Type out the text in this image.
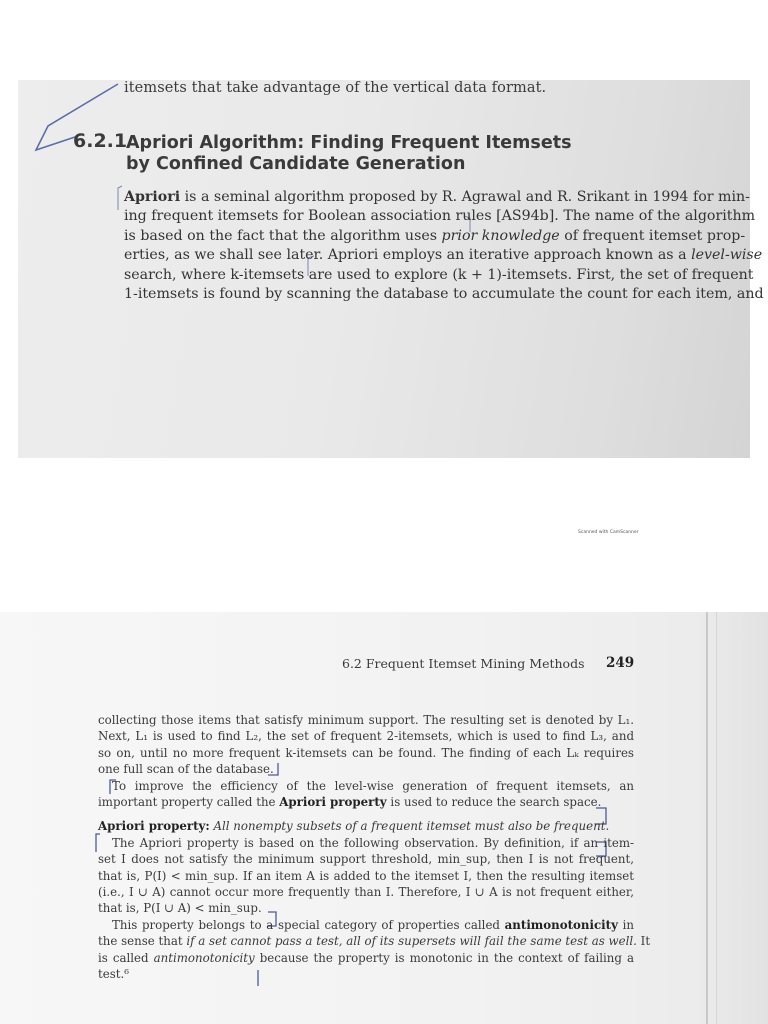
itemsets that take advantage of the vertical data format.
6.2.1
Apriori Algorithm: Finding Frequent Itemsets
by Confined Candidate Generation
Apriori is a seminal algorithm proposed by R. Agrawal and R. Srikant in 1994 for min-
ing frequent itemsets for Boolean association rules [AS94b]. The name of the algorithm
is based on the fact that the algorithm uses prior knowledge of frequent itemset prop-
erties, as we shall see later. Apriori employs an iterative approach known as a level-wise
search, where k-itemsets are used to explore (k + 1)-itemsets. First, the set of frequent
1-itemsets is found by scanning the database to accumulate the count for each item, and
Scanned with CamScanner
6.2 Frequent Itemset Mining Methods 249
collecting those items that satisfy minimum support. The resulting set is denoted by L₁.
Next, L₁ is used to find L₂, the set of frequent 2-itemsets, which is used to find L₃, and
so on, until no more frequent k-itemsets can be found. The finding of each Lₖ requires
one full scan of the database.
To improve the efficiency of the level-wise generation of frequent itemsets, an
important property called the Apriori property is used to reduce the search space.
Apriori property: All nonempty subsets of a frequent itemset must also be frequent.
The Apriori property is based on the following observation. By definition, if an item-
set I does not satisfy the minimum support threshold, min_sup, then I is not frequent,
that is, P(I) < min_sup. If an item A is added to the itemset I, then the resulting itemset
(i.e., I ∪ A) cannot occur more frequently than I. Therefore, I ∪ A is not frequent either,
that is, P(I ∪ A) < min_sup.
This property belongs to a special category of properties called antimonotonicity in
the sense that if a set cannot pass a test, all of its supersets will fail the same test as well. It
is called antimonotonicity because the property is monotonic in the context of failing a
test.⁶
